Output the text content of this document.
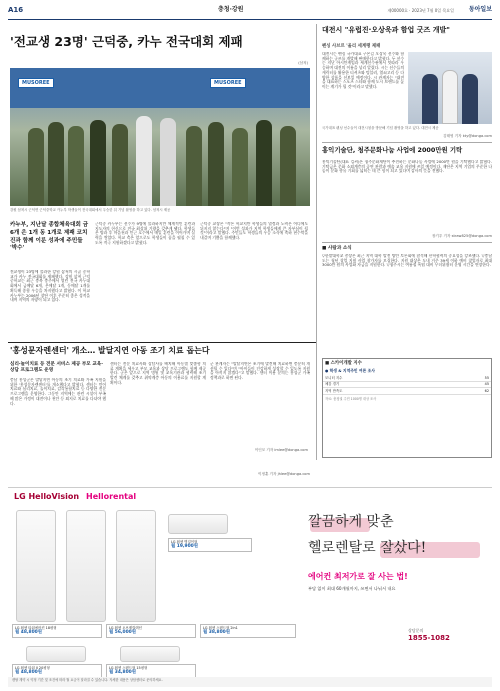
A16	충청·강원	제00000호 · 2023년 7월 0일 목요일 동아일보
'전교생 23명' 근덕중, 카누 전국대회 제패
(삼척)
MUSOREE	MUSOREE
강원 삼척시 근덕면 근덕중학교 카누부 학생들이 전국대회에서 우승한 뒤 기념 촬영을 하고 있다. 삼척시 제공
카누부, 지난달 종합체육대회 금 6개 은 1개 동 1개로 제패 코치진과 함께 이룬 성과에 주민들 '박수'
전교생이 23명에 불과한 강원 삼척의 시골 중학교가 카누 전국대회를 제패했다. 강원 삼척 근덕중학교는 최근 충북 충주에서 열린 전국 카누대회에서 금메달 6개, 은메달 1개, 동메달 1개를 획득해 종합 우승을 차지했다고 밝혔다. 이 학교 카누부는 2006년 창단 이후 꾸준히 좋은 성적을 내며 지역의 자랑이 되고 있다.
근덕중 카누부는 선수가 9명에 불과하지만 체계적인 훈련과 지도자의 헌신으로 전국 최상위 기량을 갖추게 됐다. 학생들은 방과 후 마읍천과 인근 호수에서 매일 훈련을 이어가며 실력을 쌓았다. 학교 측은 앞으로도 학생들이 꿈을 펼칠 수 있도록 적극 지원하겠다고 밝혔다.
근덕중 교장은 "작은 학교지만 학생들의 열정과 노력은 어디에도 뒤지지 않는다"며 "이번 성과가 지역 학생들에게 큰 자부심이 될 것"이라고 말했다. 주민들도 학생들의 우승 소식에 축하 현수막을 내걸며 기쁨을 함께했다.
이인모 기자 imlee@donga.com
대전시 "유럽진·오상욱과 함업 굿즈 개발"
펜싱 사브르 '올리 세계랭 제패
대전시는 펜싱 국가대표 구본길 오상욱 선수와 함께하는 굿즈를 개발해 판매한다고 밝혔다. 두 선수는 지난 아시안게임과 세계선수권에서 잇따라 우승하며 대전의 이름을 널리 알렸다. 시는 선수들의 캐릭터를 활용한 티셔츠와 텀블러, 열쇠고리 등 다양한 상품을 선보일 예정이다. 시 관계자는 "대전을 대표하는 스포츠 스타와 함께 도시 브랜드를 높이는 계기가 될 것"이라고 말했다.
국가대표 펜싱 선수들이 대전시청을 방문해 기념 촬영을 하고 있다. 대전시 제공
김태영 기자 kty@donga.com
홍익기술단, 청주문화나눔 사업에 2000만원 기탁
홍익기술단(대표 김씨)은 청주문화재단이 추진하는 문화나눔 사업에 2000만 원을 기탁했다고 밝혔다. 기탁금은 문화 소외계층의 공연 관람과 예술 교육 지원에 쓰일 예정이다. 재단은 지역 기업의 꾸준한 나눔이 문화 향유 기회를 넓히는 데 큰 힘이 되고 있다며 감사의 뜻을 전했다.
장기우 기자 straw825@donga.com
■ 사람과 소식
▽한밭대학교 총장은 최근 지역 대학 발전 방안 토론회에 참석해 산학협력의 중요성을 강조했다. ▽충남도는 청년 창업 지원 사업 참가자를 모집한다. 지원 대상은 도내 거주 39세 이하 예비 창업자로 최대 3000만 원의 사업화 자금을 지원한다. ▽청주시는 여름철 폭염 대비 무더위쉼터 운영 시간을 연장한다.
■ 스카이개발 지수
● 학생 & 지역주민 여론 조사
모니터 지수	55
체감 경기	45
지역 만족도	62
자료: 충청권 주민 1000명 대상 조사
'홍성문자렌센터' 개소… 발달지연 아동 조기 치료 돕는다
심리·놀이치료 등 전문 서비스 제공 부모 교육·상담 프로그램도 운영
충남 홍성군은 발달지연 아동의 조기 치료와 가족 지원을 위한 '홍성문자렌센터'를 개소했다고 밝혔다. 센터는 언어치료와 심리치료, 놀이치료, 감각통합치료 등 다양한 전문 프로그램을 운영한다. 그동안 지역에는 관련 시설이 부족해 많은 가정이 대전이나 천안 등 외지로 치료를 다녀야 했다.
센터는 전문 치료사와 상담사를 배치해 아동별 맞춤형 치료 계획을 세우고 부모 교육과 상담 프로그램도 함께 제공한다. 군은 앞으로 지역 병원 및 교육기관과 협력해 조기 발견 체계를 갖추고 취약계층 아동의 이용료를 지원할 계획이다.
군 관계자는 "발달지연은 조기에 발견해 치료하면 충분히 개선될 수 있다"며 "아이들이 건강하게 성장할 수 있도록 지원을 아끼지 않겠다"고 말했다. 센터 이용 문의는 홍성군 가족정책과로 하면 된다.
이정훈 기자 jhlee@donga.com
LG HelloVision Hellorental
LG 휘센 타워에어컨 18평형
월 48,800원
LG 휘센 오브제컬렉션
월 56,000원
LG 휘센 스탠드형 2in1
월 38,800원
LG 휘센 벽걸이형
월 19,900원
LG 휘센 타워 II 20평형
월 48,800원
LG 휘센 스탠드형 15평형
월 34,800원
깔끔하게 맞춘
헬로렌탈로 잘샀다!
에어컨 최저가로 잘 사는 법!
부담 없이 최대 60개월까지, 쓰면서 나눠서 내요
상담문의
1855-1082
렌탈 계약 시 약정 기간 및 조건에 따라 월 요금이 달라질 수 있습니다. 자세한 내용은 상담센터로 문의하세요.
